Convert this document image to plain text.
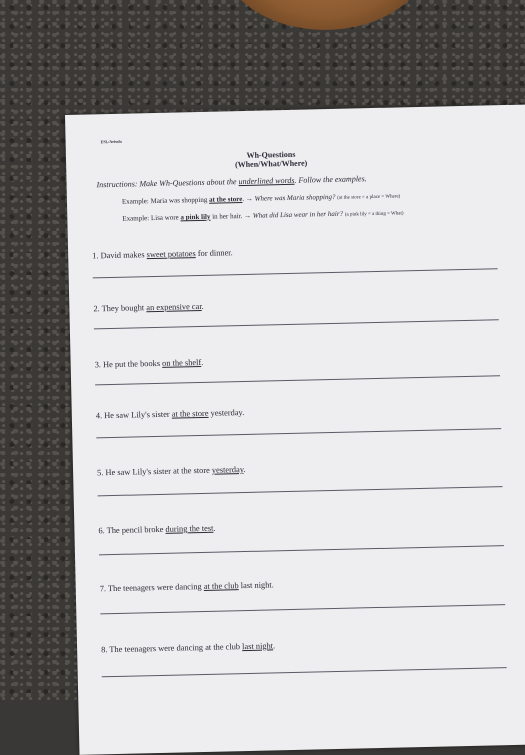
ESL/Arisola
Wh-Questions
(When/What/Where)
Instructions: Make Wh-Questions about the underlined words. Follow the examples.
Example: Maria was shopping at the store. → Where was Maria shopping? (at the store = a place = Where)
Example: Lisa wore a pink lily in her hair. → What did Lisa wear in her hair? (a pink lily = a thing = What)
1. David makes sweet potatoes for dinner.
2. They bought an expensive car.
3. He put the books on the shelf.
4. He saw Lily's sister at the store yesterday.
5. He saw Lily's sister at the store yesterday.
6. The pencil broke during the test.
7. The teenagers were dancing at the club last night.
8. The teenagers were dancing at the club last night.
